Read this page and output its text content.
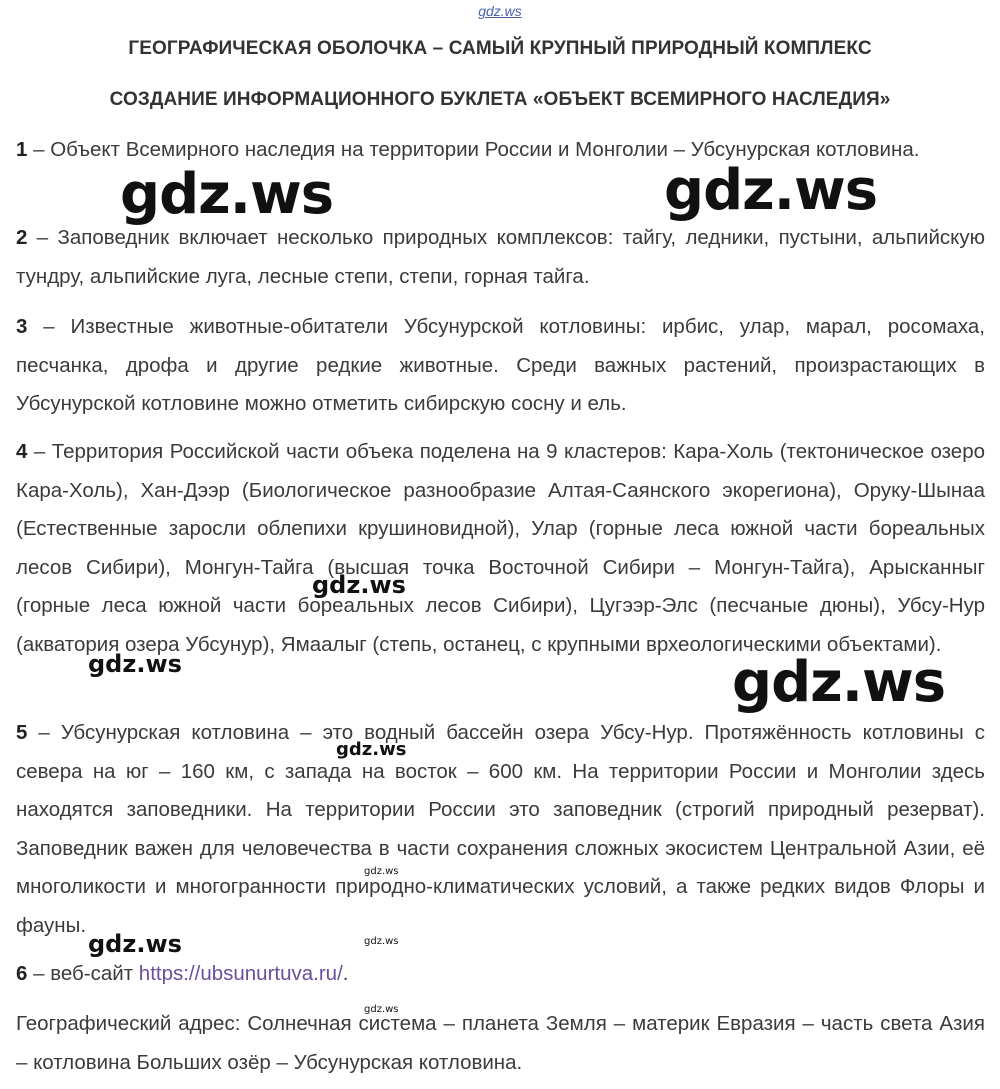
gdz.ws
ГЕОГРАФИЧЕСКАЯ ОБОЛОЧКА – САМЫЙ КРУПНЫЙ ПРИРОДНЫЙ КОМПЛЕКС
СОЗДАНИЕ ИНФОРМАЦИОННОГО БУКЛЕТА «ОБЪЕКТ ВСЕМИРНОГО НАСЛЕДИЯ»

1 – Объект Всемирного наследия на территории России и Монголии – Убсунурская котловина.

2 – Заповедник включает несколько природных комплексов: тайгу, ледники, пустыни, альпийскую тундру, альпийские луга, лесные степи, степи, горная тайга.

3 – Известные животные-обитатели Убсунурской котловины: ирбис, улар, марал, росомаха, песчанка, дрофа и другие редкие животные. Среди важных растений, произрастающих в Убсунурской котловине можно отметить сибирскую сосну и ель.

4 – Территория Российской части объека поделена на 9 кластеров: Кара-Холь (тектоническое озеро Кара-Холь), Хан-Дээр (Биологическое разнообразие Алтая-Саянского экорегиона), Оруку-Шынаа (Естественные заросли облепихи крушиновидной), Улар (горные леса южной части бореальных лесов Сибири), Монгун-Тайга (высшая точка Восточной Сибири – Монгун-Тайга), Арысканныг (горные леса южной части бореальных лесов Сибири), Цугээр-Элс (песчаные дюны), Убсу-Нур (акватория озера Убсунур), Ямаалыг (степь, останец, с крупными врхеологическими объектами).

5 – Убсунурская котловина – это водный бассейн озера Убсу-Нур. Протяжённость котловины с севера на юг – 160 км, с запада на восток – 600 км. На территории России и Монголии здесь находятся заповедники. На территории России это заповедник (строгий природный резерват). Заповедник важен для человечества в части сохранения сложных экосистем Центральной Азии, её многоликости и многогранности природно-климатических условий, а также редких видов Флоры и фауны.

6 – веб-сайт https://ubsunurtuva.ru/.

Географический адрес: Солнечная система – планета Земля – материк Евразия – часть света Азия – котловина Больших озёр – Убсунурская котловина.

gdz.ws	gdz.ws
gdz.ws
gdz.ws
gdz.ws
gdz.ws
gdz.ws
gdz.ws
gdz.ws
gdz.ws
